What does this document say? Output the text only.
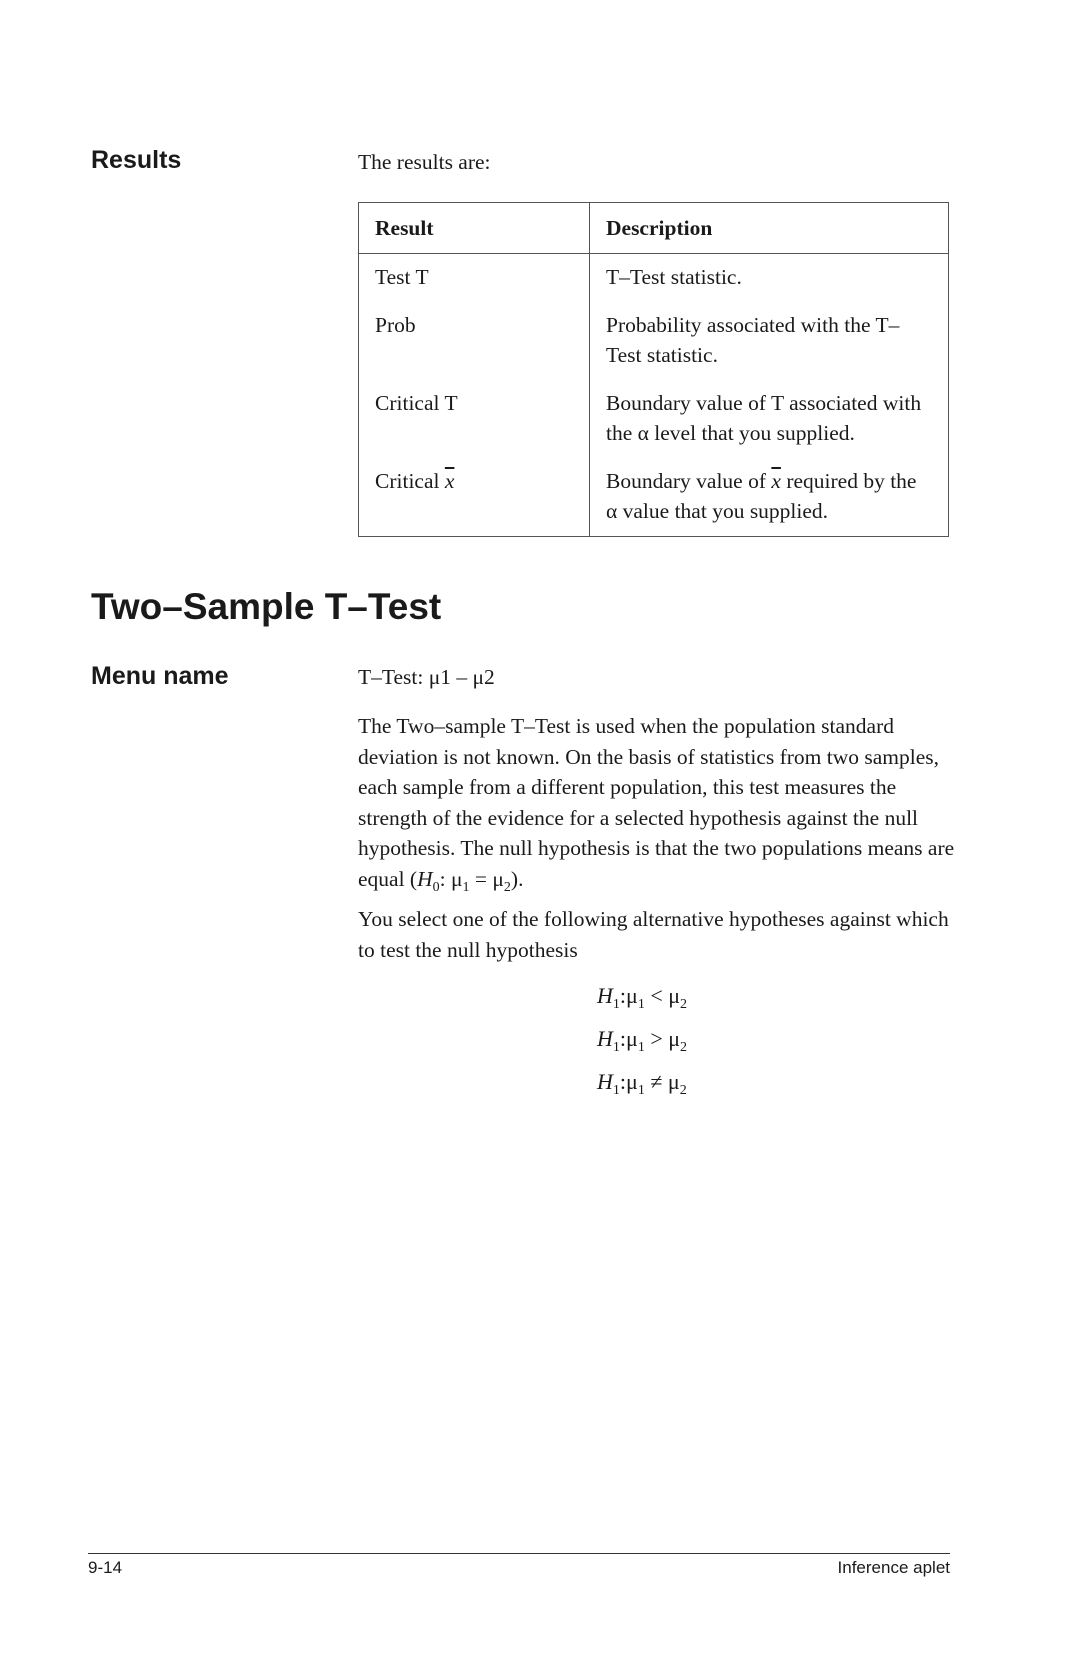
Results	The results are:
Result	Description
Test T	T–Test statistic.
Prob	Probability associated with the T–Test statistic.
Critical T	Boundary value of T associated with the α level that you supplied.
Critical $\overline{x}$	Boundary value of $\overline{x}$ required by the α value that you supplied.
Two–Sample T–Test
Menu name	T–Test: μ1 – μ2
The Two–sample T–Test is used when the population standard deviation is not known. On the basis of statistics from two samples, each sample from a different population, this test measures the strength of the evidence for a selected hypothesis against the null hypothesis. The null hypothesis is that the two populations means are equal ($H_0$: $\mu_1 = \mu_2$).
You select one of the following alternative hypotheses against which to test the null hypothesis
$H_1:\mu_1 < \mu_2$
$H_1:\mu_1 > \mu_2$
$H_1:\mu_1 \ne \mu_2$
9-14	Inference aplet
